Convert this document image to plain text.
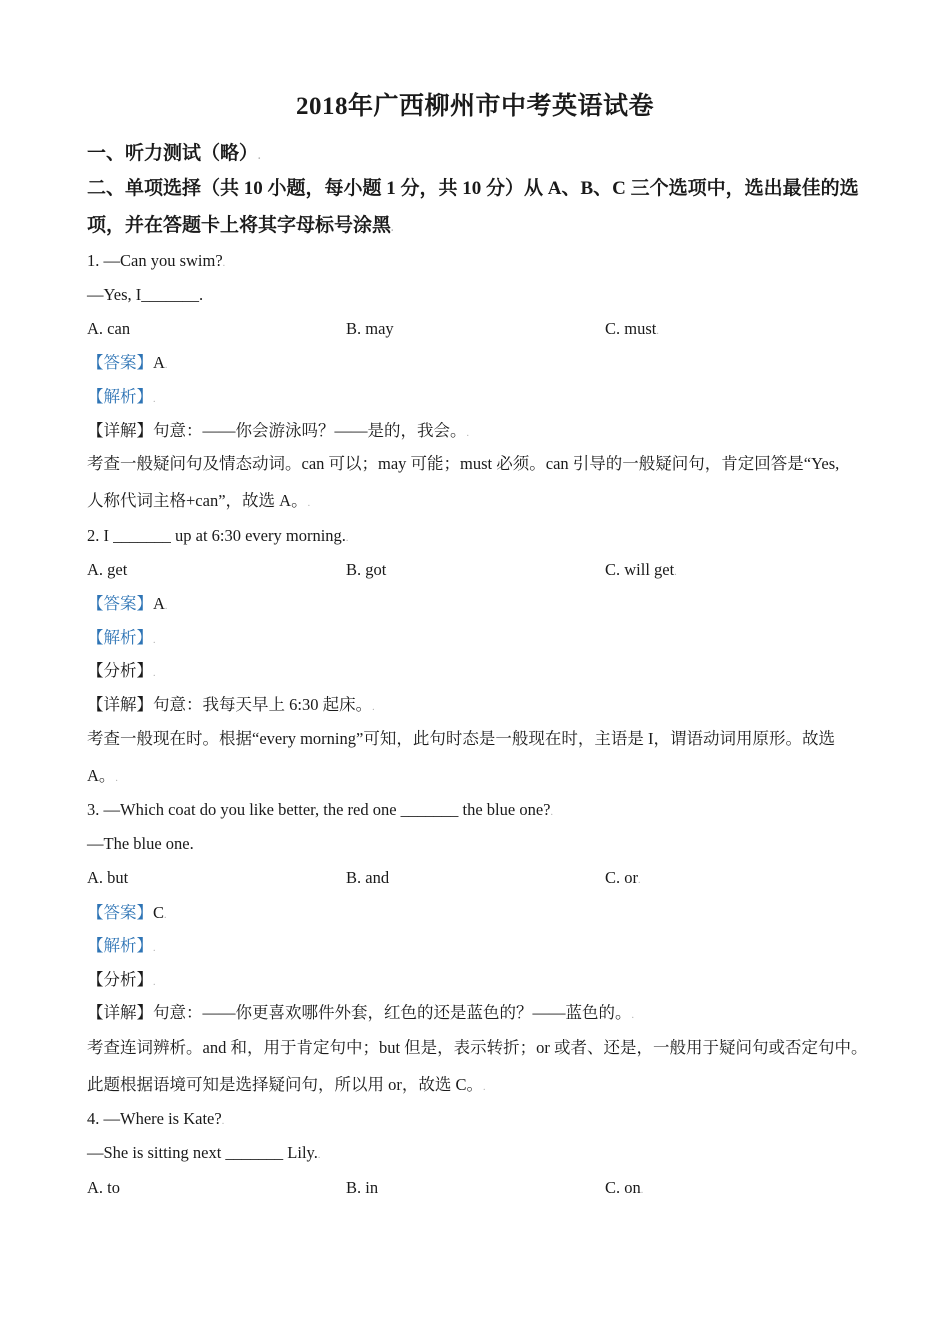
2018年广西柳州市中考英语试卷
一、听力测试（略）.
二、单项选择（共 10 小题，每小题 1 分，共 10 分）从 A、B、C 三个选项中，选出最佳的选
项，并在答题卡上将其字母标号涂黑.
1. —Can you swim?.
—Yes, I_______.
A. can	B. may	C. must.
【答案】A.
【解析】.
【详解】句意：——你会游泳吗？——是的，我会。.
考查一般疑问句及情态动词。can 可以；may 可能；must 必须。can 引导的一般疑问句，肯定回答是“Yes,
人称代词主格+can”，故选 A。.
2. I _______ up at 6:30 every morning..
A. get	B. got	C. will get.
【答案】A.
【解析】.
【分析】.
【详解】句意：我每天早上 6:30 起床。.
考查一般现在时。根据“every morning”可知，此句时态是一般现在时，主语是 I，谓语动词用原形。故选
A。.
3. —Which coat do you like better, the red one _______ the blue one?.
—The blue one.
A. but	B. and	C. or.
【答案】C.
【解析】.
【分析】.
【详解】句意：——你更喜欢哪件外套，红色的还是蓝色的？——蓝色的。.
考查连词辨析。and 和，用于肯定句中；but 但是，表示转折；or 或者、还是，一般用于疑问句或否定句中。
此题根据语境可知是选择疑问句，所以用 or，故选 C。.
4. —Where is Kate?.
—She is sitting next _______ Lily..
A. to	B. in	C. on.
